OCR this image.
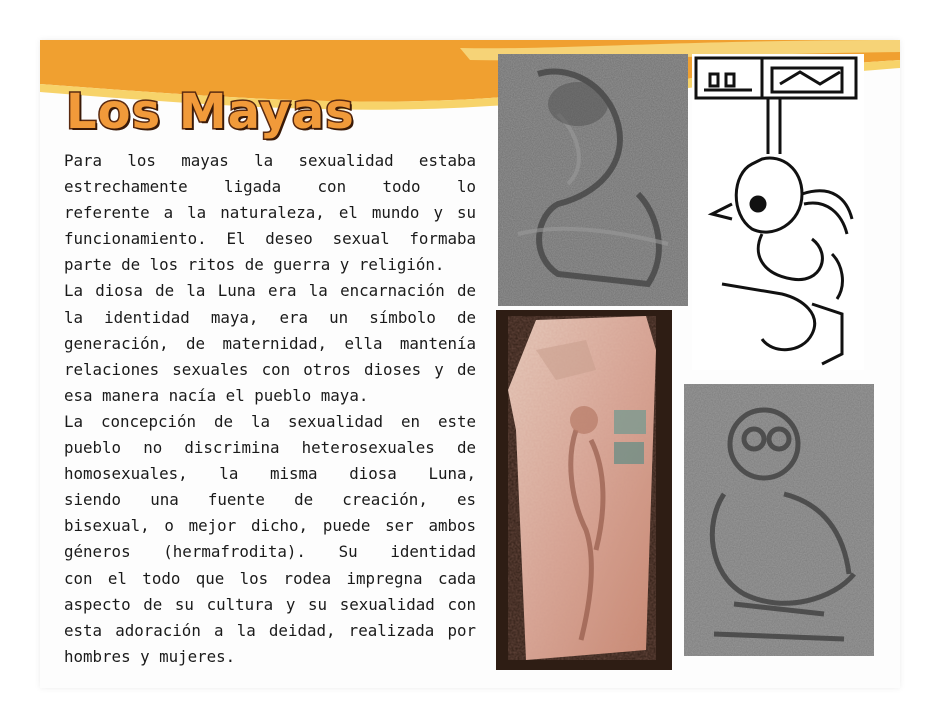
Los Mayas
Para los mayas la sexualidad estaba
estrechamente ligada con todo lo
referente a la naturaleza, el mundo y su
funcionamiento. El deseo sexual formaba
parte de los ritos de guerra y religión.
La diosa de la Luna era la encarnación de
la identidad maya, era un símbolo de
generación, de maternidad, ella mantenía
relaciones sexuales con otros dioses y de
esa manera nacía el pueblo maya.
La concepción de la sexualidad en este
pueblo no discrimina heterosexuales de
homosexuales, la misma diosa Luna,
siendo una fuente de creación, es
bisexual, o mejor dicho, puede ser ambos
géneros (hermafrodita). Su identidad
con el todo que los rodea impregna cada
aspecto de su cultura y su sexualidad con
esta adoración a la deidad, realizada por
hombres y mujeres.
